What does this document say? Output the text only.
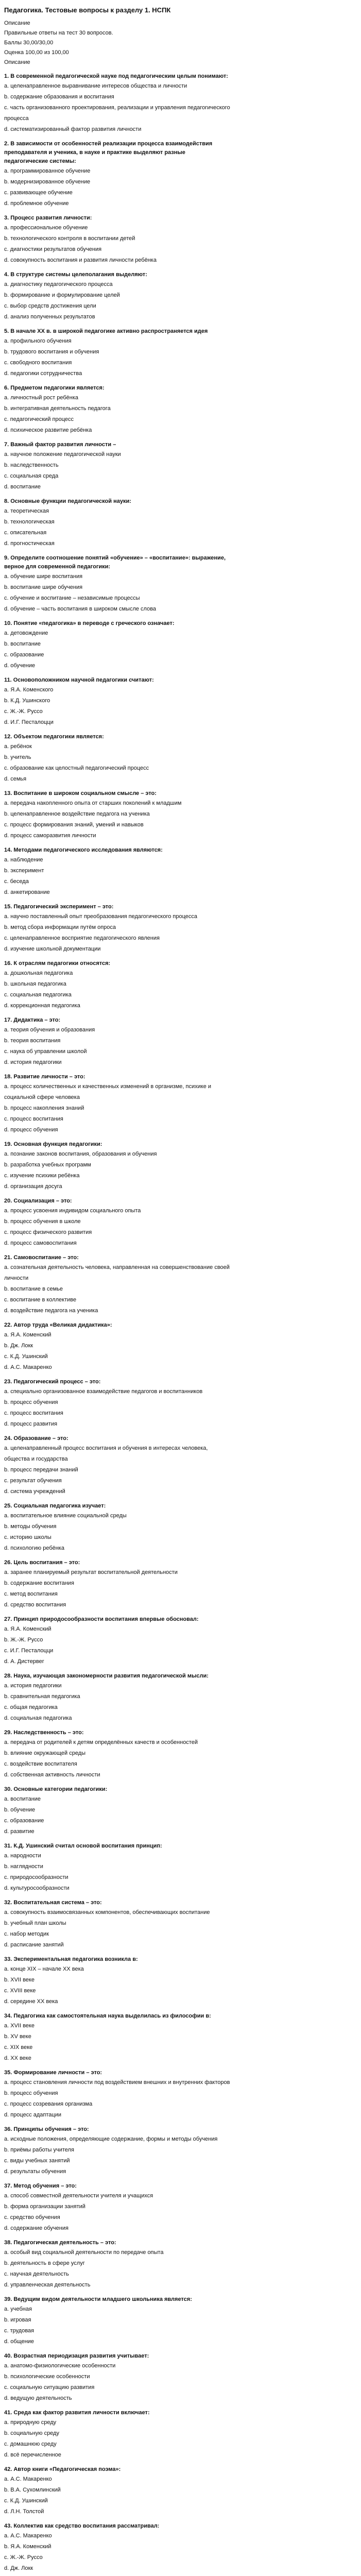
Педагогика. Тестовые вопросы к разделу 1. НСПК
Описание
Правильные ответы на тест 30 вопросов.
Баллы 30,00/30,00
Оценка 100,00 из 100,00
Описание
1. В современной педагогической науке под педагогическим целым понимают:
a. целенаправленное выравнивание интересов общества и личности
b. содержание образования и воспитания
c. часть организованного проектирования, реализации и управления педагогического процесса
d. систематизированный фактор развития личности
2. В зависимости от особенностей реализации процесса взаимодействия преподавателя и ученика, в науке и практике выделяют разные педагогические системы:
a. программированное обучение
b. модернизированное обучение
c. развивающее обучение
d. проблемное обучение
3. Процесс развития личности:
a. профессиональное обучение
b. технологического контроля в воспитании детей
c. диагностики результатов обучения
d. совокупность воспитания и развития личности ребёнка
4. В структуре системы целеполагания выделяют:
a. диагностику педагогического процесса
b. формирование и формулирование целей
c. выбор средств достижения цели
d. анализ полученных результатов
5. В начале XX в. в широкой педагогике активно распространяется идея
a. профильного обучения
b. трудового воспитания и обучения
c. свободного воспитания
d. педагогики сотрудничества
6. Предметом педагогики является:
a. личностный рост ребёнка
b. интегративная деятельность педагога
c. педагогический процесс
d. психическое развитие ребёнка
7. Важный фактор развития личности –
a. научное положение педагогической науки
b. наследственность
c. социальная среда
d. воспитание
8. Основные функции педагогической науки:
a. теоретическая
b. технологическая
c. описательная
d. прогностическая
9. Определите соотношение понятий «обучение» – «воспитание»: выражение, верное для современной педагогики:
a. обучение шире воспитания
b. воспитание шире обучения
c. обучение и воспитание – независимые процессы
d. обучение – часть воспитания в широком смысле слова
10. Понятие «педагогика» в переводе с греческого означает:
a. детовождение
b. воспитание
c. образование
d. обучение
11. Основоположником научной педагогики считают:
a. Я.А. Коменского
b. К.Д. Ушинского
c. Ж.-Ж. Руссо
d. И.Г. Песталоцци
12. Объектом педагогики является:
a. ребёнок
b. учитель
c. образование как целостный педагогический процесс
d. семья
13. Воспитание в широком социальном смысле – это:
a. передача накопленного опыта от старших поколений к младшим
b. целенаправленное воздействие педагога на ученика
c. процесс формирования знаний, умений и навыков
d. процесс саморазвития личности
14. Методами педагогического исследования являются:
a. наблюдение
b. эксперимент
c. беседа
d. анкетирование
15. Педагогический эксперимент – это:
a. научно поставленный опыт преобразования педагогического процесса
b. метод сбора информации путём опроса
c. целенаправленное восприятие педагогического явления
d. изучение школьной документации
16. К отраслям педагогики относятся:
a. дошкольная педагогика
b. школьная педагогика
c. социальная педагогика
d. коррекционная педагогика
17. Дидактика – это:
a. теория обучения и образования
b. теория воспитания
c. наука об управлении школой
d. история педагогики
18. Развитие личности – это:
a. процесс количественных и качественных изменений в организме, психике и социальной сфере человека
b. процесс накопления знаний
c. процесс воспитания
d. процесс обучения
19. Основная функция педагогики:
a. познание законов воспитания, образования и обучения
b. разработка учебных программ
c. изучение психики ребёнка
d. организация досуга
20. Социализация – это:
a. процесс усвоения индивидом социального опыта
b. процесс обучения в школе
c. процесс физического развития
d. процесс самовоспитания
21. Самовоспитание – это:
a. сознательная деятельность человека, направленная на совершенствование своей личности
b. воспитание в семье
c. воспитание в коллективе
d. воздействие педагога на ученика
22. Автор труда «Великая дидактика»:
a. Я.А. Коменский
b. Дж. Локк
c. К.Д. Ушинский
d. А.С. Макаренко
23. Педагогический процесс – это:
a. специально организованное взаимодействие педагогов и воспитанников
b. процесс обучения
c. процесс воспитания
d. процесс развития
24. Образование – это:
a. целенаправленный процесс воспитания и обучения в интересах человека, общества и государства
b. процесс передачи знаний
c. результат обучения
d. система учреждений
25. Социальная педагогика изучает:
a. воспитательное влияние социальной среды
b. методы обучения
c. историю школы
d. психологию ребёнка
26. Цель воспитания – это:
a. заранее планируемый результат воспитательной деятельности
b. содержание воспитания
c. метод воспитания
d. средство воспитания
27. Принцип природосообразности воспитания впервые обосновал:
a. Я.А. Коменский
b. Ж.-Ж. Руссо
c. И.Г. Песталоцци
d. А. Дистервег
28. Наука, изучающая закономерности развития педагогической мысли:
a. история педагогики
b. сравнительная педагогика
c. общая педагогика
d. социальная педагогика
29. Наследственность – это:
a. передача от родителей к детям определённых качеств и особенностей
b. влияние окружающей среды
c. воздействие воспитателя
d. собственная активность личности
30. Основные категории педагогики:
a. воспитание
b. обучение
c. образование
d. развитие
31. К.Д. Ушинский считал основой воспитания принцип:
a. народности
b. наглядности
c. природосообразности
d. культуросообразности
32. Воспитательная система – это:
a. совокупность взаимосвязанных компонентов, обеспечивающих воспитание
b. учебный план школы
c. набор методик
d. расписание занятий
33. Экспериментальная педагогика возникла в:
a. конце XIX – начале XX века
b. XVII веке
c. XVIII веке
d. середине XX века
34. Педагогика как самостоятельная наука выделилась из философии в:
a. XVII веке
b. XV веке
c. XIX веке
d. XX веке
35. Формирование личности – это:
a. процесс становления личности под воздействием внешних и внутренних факторов
b. процесс обучения
c. процесс созревания организма
d. процесс адаптации
36. Принципы обучения – это:
a. исходные положения, определяющие содержание, формы и методы обучения
b. приёмы работы учителя
c. виды учебных занятий
d. результаты обучения
37. Метод обучения – это:
a. способ совместной деятельности учителя и учащихся
b. форма организации занятий
c. средство обучения
d. содержание обучения
38. Педагогическая деятельность – это:
a. особый вид социальной деятельности по передаче опыта
b. деятельность в сфере услуг
c. научная деятельность
d. управленческая деятельность
39. Ведущим видом деятельности младшего школьника является:
a. учебная
b. игровая
c. трудовая
d. общение
40. Возрастная периодизация развития учитывает:
a. анатомо-физиологические особенности
b. психологические особенности
c. социальную ситуацию развития
d. ведущую деятельность
41. Среда как фактор развития личности включает:
a. природную среду
b. социальную среду
c. домашнюю среду
d. всё перечисленное
42. Автор книги «Педагогическая поэма»:
a. А.С. Макаренко
b. В.А. Сухомлинский
c. К.Д. Ушинский
d. Л.Н. Толстой
43. Коллектив как средство воспитания рассматривал:
a. А.С. Макаренко
b. Я.А. Коменский
c. Ж.-Ж. Руссо
d. Дж. Локк
